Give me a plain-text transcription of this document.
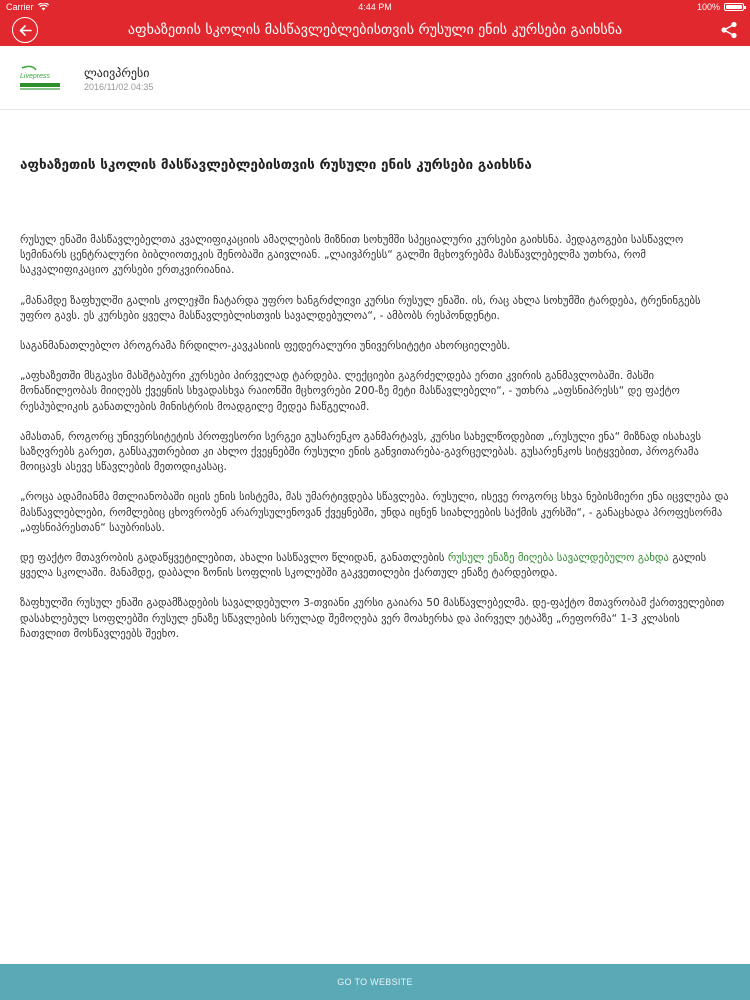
Carrier	4:44 PM	100%
აფხაზეთის სკოლის მასწავლებლებისთვის რუსული ენის კურსები გაიხსნა
Livepress	ლაივპრესი
2016/11/02 04:35
აფხაზეთის სკოლის მასწავლებლებისთვის რუსული ენის კურსები გაიხსნა

რუსულ ენაში მასწავლებელთა კვალიფიკაციის ამაღლების მიზნით სოხუმში სპეციალური კურსები გაიხსნა. პედაგოგები სასწავლო სემინარს ცენტრალური ბიბლიოთეკის შენობაში გაივლიან. „ლაივპრესს“ გალში მცხოვრებმა მასწავლებელმა უთხრა, რომ საკვალიფიკაციო კურსები ერთკვირიანია.

„მანამდე ზაფხულში გალის კოლეჯში ჩატარდა უფრო ხანგრძლივი კურსი რუსულ ენაში. ის, რაც ახლა სოხუმში ტარდება, ტრენინგებს უფრო გავს. ეს კურსები ყველა მასწავლებლისთვის სავალდებულოა“, - ამბობს რესპონდენტი.

საგანმანათლებლო პროგრამა ჩრდილო-კავკასიის ფედერალური უნივერსიტეტი ახორციელებს.

„აფხაზეთში მსგავსი მასშტაბური კურსები პირველად ტარდება. ლექციები გაგრძელდება ერთი კვირის განმავლობაში. მასში მონაწილეობას მიიღებს ქვეყნის სხვადასხვა რაიონში მცხოვრები 200-ზე მეტი მასწავლებელი“, - უთხრა „აფსნიპრესს“ დე ფაქტო რესპუბლიკის განათლების მინისტრის მოადგილე მედეა ჩაწგელიამ.

ამასთან, როგორც უნივერსიტეტის პროფესორი სერგეი გუსარენკო განმარტავს, კურსი სახელწოდებით „რუსული ენა“ მიზნად ისახავს საზღვრებს გარეთ, განსაკუთრებით კი ახლო ქვეყნებში რუსული ენის განვითარება-გავრცელებას. გუსარენკოს სიტყვებით, პროგრამა მოიცავს ასევე სწავლების მეთოდიკასაც.

„როცა ადამიანმა მთლიანობაში იცის ენის სისტემა, მას უმარტივდება სწავლება. რუსული, ისევე როგორც სხვა ნებისმიერი ენა იცვლება და მასწავლებლები, რომლებიც ცხოვრობენ არარუსულენოვან ქვეყნებში, უნდა იცნენ სიახლეების საქმის კურსში“, - განაცხადა პროფესორმა „აფსნიპრესთან“ საუბრისას.

დე ფაქტო მთავრობის გადაწყვეტილებით, ახალი სასწავლო წლიდან, განათლების რუსულ ენაზე მიღება სავალდებულო გახდა გალის ყველა სკოლაში. მანამდე, დაბალი ზონის სოფლის სკოლებში გაკვეთილები ქართულ ენაზე ტარდებოდა.

ზაფხულში რუსულ ენაში გადამზადების სავალდებულო 3-თვიანი კურსი გაიარა 50 მასწავლებელმა. დე-ფაქტო მთავრობამ ქართველებით დასახლებულ სოფლებში რუსულ ენაზე სწავლების სრულად შემოღება ვერ მოახერხა და პირველ ეტაპზე „რეფორმა“ 1-3 კლასის ჩათვლით მოსწავლეებს შეეხო.

GO TO WEBSITE
